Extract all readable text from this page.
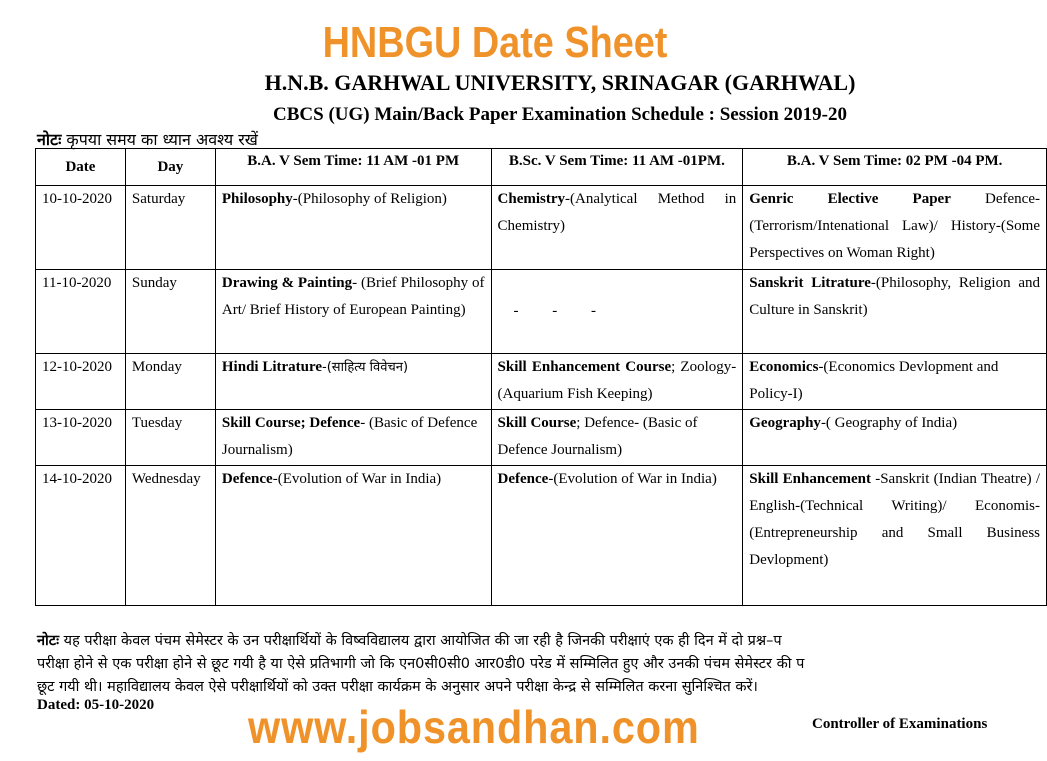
HNBGU Date Sheet
H.N.B. GARHWAL UNIVERSITY, SRINAGAR (GARHWAL)
CBCS (UG) Main/Back Paper Examination Schedule : Session 2019-20
नोटः कृपया समय का ध्यान अवश्य रखें
Date	Day	B.A. V Sem Time: 11 AM -01 PM	B.Sc. V Sem Time: 11 AM -01PM.	B.A. V Sem Time: 02 PM -04 PM.
10-10-2020	Saturday	Philosophy-(Philosophy of Religion)	Chemistry-(Analytical Method in Chemistry)	Genric Elective Paper Defence-(Terrorism/Intenational Law)/ History-(Some Perspectives on Woman Right)
11-10-2020	Sunday	Drawing & Painting- (Brief Philosophy of Art/ Brief History of European Painting)	-         -         -	Sanskrit Litrature-(Philosophy, Religion and Culture in Sanskrit)
12-10-2020	Monday	Hindi Litrature-(साहित्य विवेचन)	Skill Enhancement Course; Zoology-(Aquarium Fish Keeping)	Economics-(Economics Devlopment and Policy-I)
13-10-2020	Tuesday	Skill Course; Defence- (Basic of Defence Journalism)	Skill Course; Defence- (Basic of Defence Journalism)	Geography-( Geography of India)
14-10-2020	Wednesday	Defence-(Evolution of War in India)	Defence-(Evolution of War in India)	Skill Enhancement -Sanskrit (Indian Theatre) / English-(Technical Writing)/ Economis-(Entrepreneurship and Small Business Devlopment)
नोटः यह परीक्षा केवल पंचम सेमेस्टर के उन परीक्षार्थियों के विष्वविद्यालय द्वारा आयोजित की जा रही है जिनकी परीक्षाएं एक ही दिन में दो प्रश्न–प
परीक्षा होने से एक परीक्षा होने से छूट गयी है या ऐसे प्रतिभागी जो कि एन0सी0सी0 आर0डी0 परेड में सम्मिलित हुए और उनकी पंचम सेमेस्टर की प
छूट गयी थी। महाविद्यालय केवल ऐसे परीक्षार्थियों को उक्त परीक्षा कार्यक्रम के अनुसार अपने परीक्षा केन्द्र से सम्मिलित करना सुनिश्चित करें।
Dated: 05-10-2020 www.jobsandhan.com	Controller of Examinations
